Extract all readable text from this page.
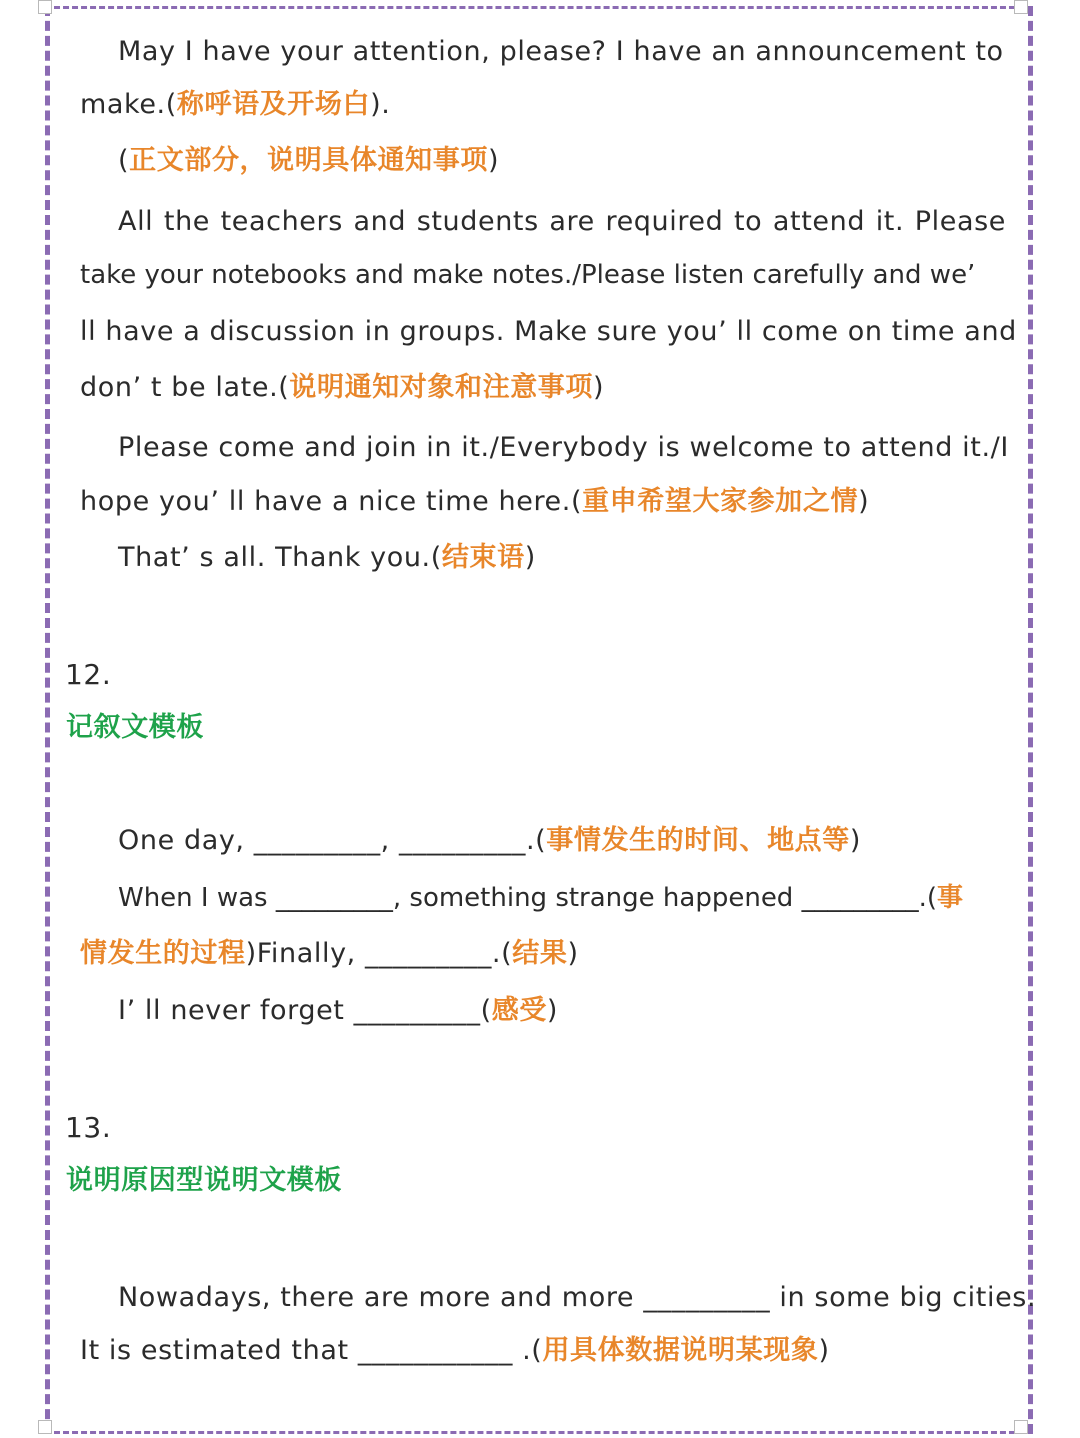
May I have your attention, please? I have an announcement to
make.(称呼语及开场白).
(正文部分，说明具体通知事项)
All the teachers and students are required to attend it. Please
take your notebooks and make notes./Please listen carefully and we’
ll have a discussion in groups. Make sure you’ ll come on time and
don’ t be late.(说明通知对象和注意事项)
Please come and join in it./Everybody is welcome to attend it./I
hope you’ ll have a nice time here.(重申希望大家参加之情)
That’ s all. Thank you.(结束语)
12.
记叙文模板
One day, _________, _________.(事情发生的时间、地点等)
When I was _________, something strange happened _________.(事
情发生的过程)Finally, _________.(结果)
I’ ll never forget _________(感受)
13.
说明原因型说明文模板
Nowadays, there are more and more _________ in some big cities.
It is estimated that ___________ .(用具体数据说明某现象)
